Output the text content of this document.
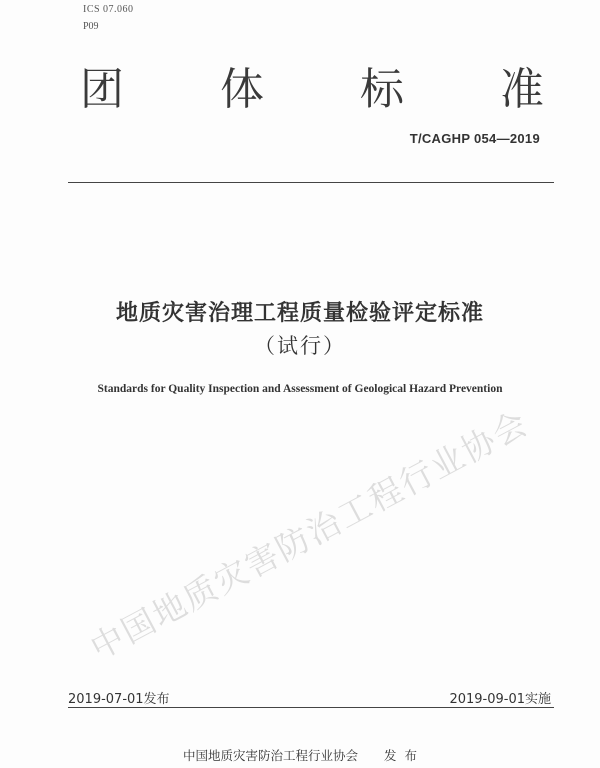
ICS 07.060
P09
团 体 标 准
T/CAGHP 054—2019
地质灾害治理工程质量检验评定标准
（试行）
Standards for Quality Inspection and Assessment of Geological Hazard Prevention
中国地质灾害防治工程行业协会
2019-07-01发布	2019-09-01实施
中国地质灾害防治工程行业协会 发  布
